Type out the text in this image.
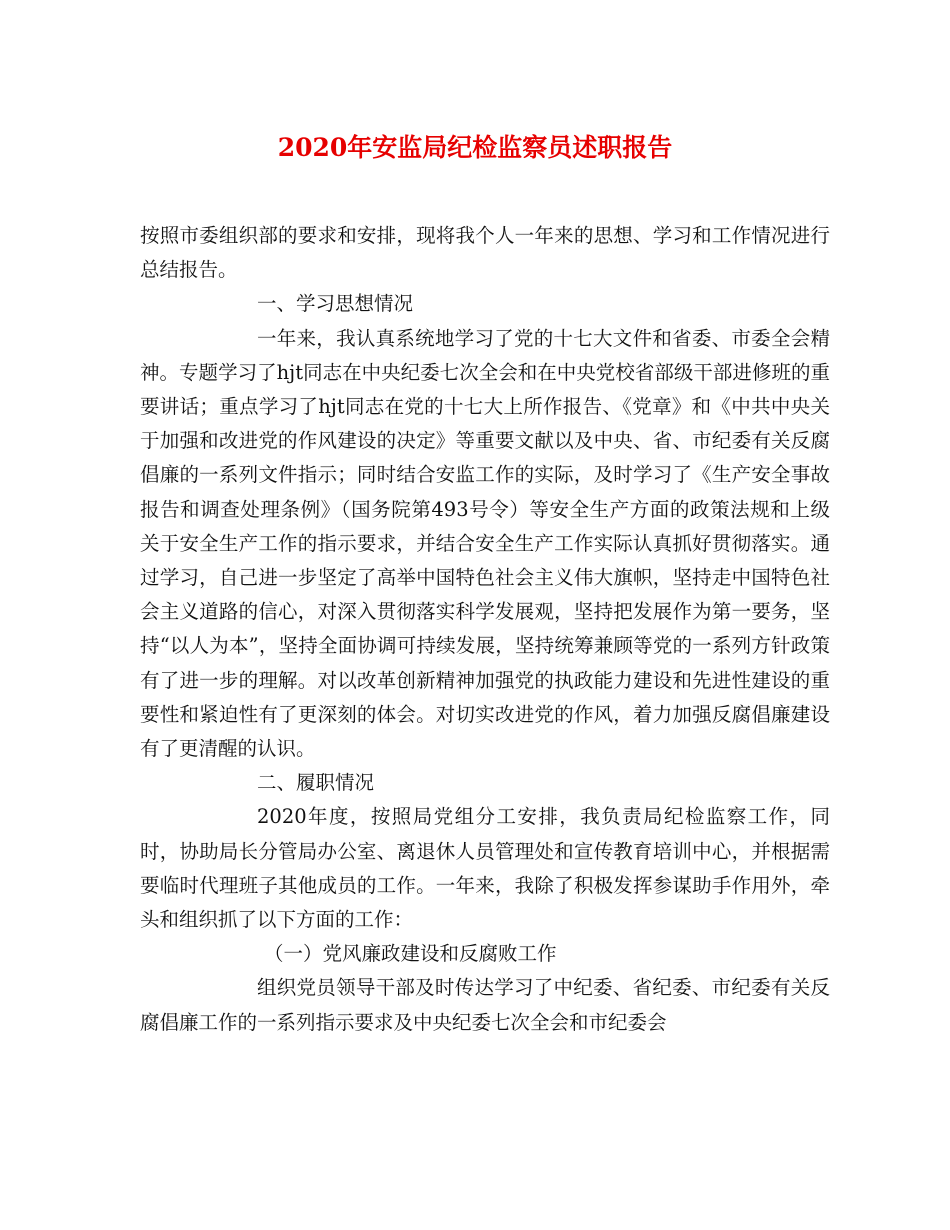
2020年安监局纪检监察员述职报告

按照市委组织部的要求和安排，现将我个人一年来的思想、学习和工作情况进行总结报告。

一、学习思想情况

一年来，我认真系统地学习了党的十七大文件和省委、市委全会精神。专题学习了hjt同志在中央纪委七次全会和在中央党校省部级干部进修班的重要讲话；重点学习了hjt同志在党的十七大上所作报告、《党章》和《中共中央关于加强和改进党的作风建设的决定》等重要文献以及中央、省、市纪委有关反腐倡廉的一系列文件指示；同时结合安监工作的实际，及时学习了《生产安全事故报告和调查处理条例》（国务院第493号令）等安全生产方面的政策法规和上级关于安全生产工作的指示要求，并结合安全生产工作实际认真抓好贯彻落实。通过学习，自己进一步坚定了高举中国特色社会主义伟大旗帜，坚持走中国特色社会主义道路的信心，对深入贯彻落实科学发展观，坚持把发展作为第一要务，坚持“以人为本”，坚持全面协调可持续发展，坚持统筹兼顾等党的一系列方针政策有了进一步的理解。对以改革创新精神加强党的执政能力建设和先进性建设的重要性和紧迫性有了更深刻的体会。对切实改进党的作风，着力加强反腐倡廉建设有了更清醒的认识。

二、履职情况

2020年度，按照局党组分工安排，我负责局纪检监察工作，同时，协助局长分管局办公室、离退休人员管理处和宣传教育培训中心，并根据需要临时代理班子其他成员的工作。一年来，我除了积极发挥参谋助手作用外，牵头和组织抓了以下方面的工作：

（一）党风廉政建设和反腐败工作

组织党员领导干部及时传达学习了中纪委、省纪委、市纪委有关反腐倡廉工作的一系列指示要求及中央纪委七次全会和市纪委会
